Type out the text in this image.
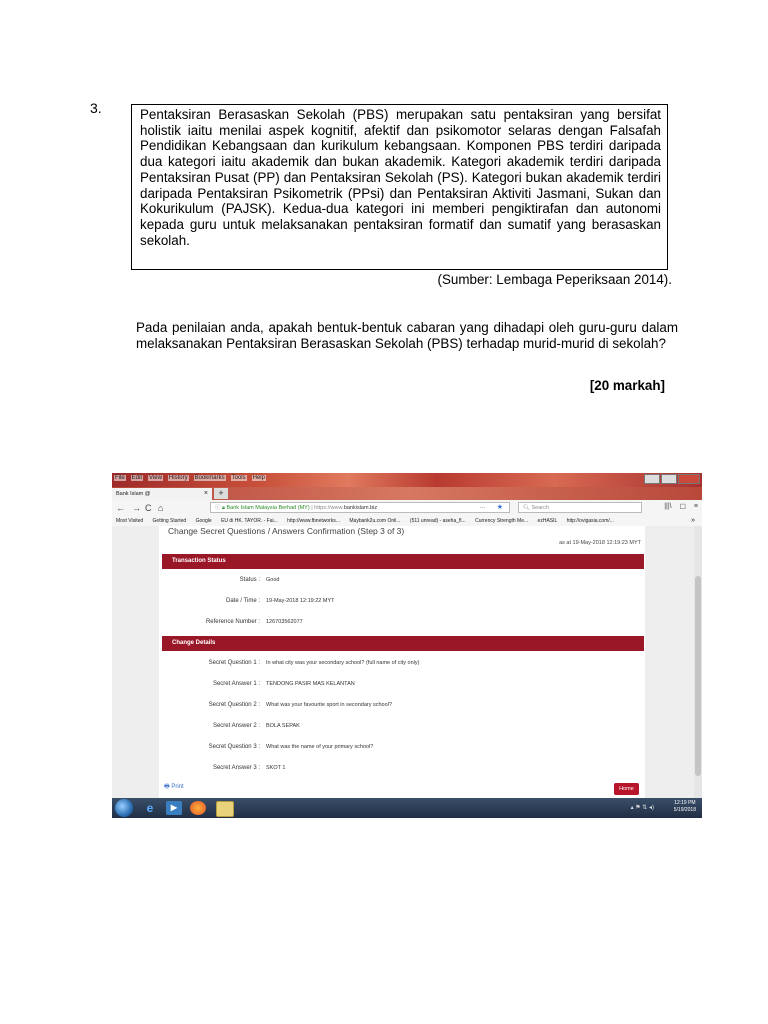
3.	Pentaksiran Berasaskan Sekolah (PBS) merupakan satu pentaksiran yang bersifat holistik iaitu menilai aspek kognitif, afektif dan psikomotor selaras dengan Falsafah Pendidikan Kebangsaan dan kurikulum kebangsaan. Komponen PBS terdiri daripada dua kategori iaitu akademik dan bukan akademik. Kategori akademik terdiri daripada Pentaksiran Pusat (PP) dan Pentaksiran Sekolah (PS). Kategori bukan akademik terdiri daripada Pentaksiran Psikometrik (PPsi) dan Pentaksiran Aktiviti Jasmani, Sukan dan Kokurikulum (PAJSK). Kedua-dua kategori ini memberi pengiktirafan dan autonomi kepada guru untuk melaksanakan pentaksiran formatif dan sumatif yang berasaskan sekolah.

(Sumber: Lembaga Peperiksaan 2014).

Pada penilaian anda, apakah bentuk-bentuk cabaran yang dihadapi oleh guru-guru dalam melaksanakan Pentaksiran Berasaskan Sekolah (PBS) terhadap murid-murid di sekolah?

[20 markah]
File Edit View History Bookmarks Tools Help
Bank Islam @	×	+
← → C ⌂	ⓘ 🔒︎ Bank Islam Malaysia Berhad (MY) | https://www.bankislam.biz	··· ★	🔍︎ Search	|||\ ☐ ≡
Most Visited Getting Started Google EU di HK. TAYOR. - Fai... http://www.fbnetworks... Maybank2u.com Onli... (511 unread) - aseha_fl... Currency Strength Me... ezHASIL http://ovigasia.com/...	»
Change Secret Questions / Answers Confirmation (Step 3 of 3)
as at 19-May-2018 12:19:23 MYT
Transaction Status
Status : Good
Date / Time : 19-May-2018 12:19:22 MYT
Reference Number : 126703562077
Change Details
Secret Question 1 : In what city was your secondary school? (full name of city only)
Secret Answer 1 : TENDONG PASIR MAS KELANTAN
Secret Question 2 : What was your favourite sport in secondary school?
Secret Answer 2 : BOLA SEPAK
Secret Question 3 : What was the name of your primary school?
Secret Answer 3 : SKOT 1
🖶 Print	Home
e	▶	▴ ⚑ ⇅ ◂)
12:19 PM
5/19/2018
